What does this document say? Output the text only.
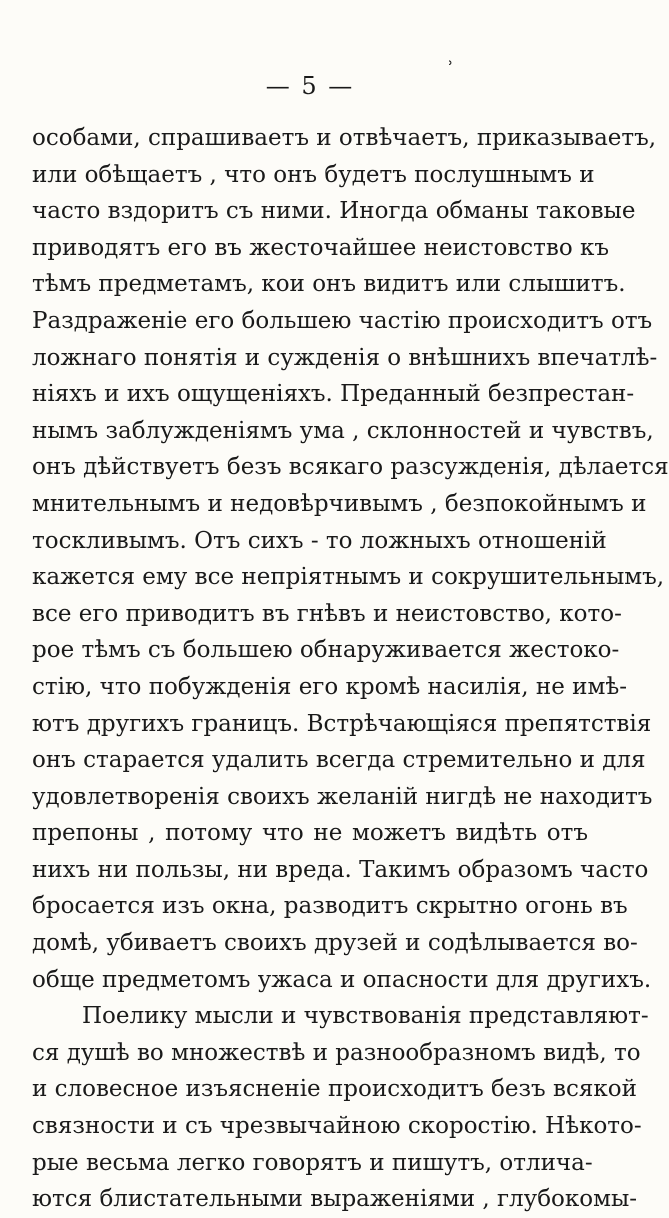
— 5 —
ʾ
особами, спрашиваетъ и отвѣчаетъ, приказываетъ,
или обѣщаетъ , что онъ будетъ послушнымъ и
часто вздоритъ съ ними. Иногда обманы таковые
приводятъ его въ жесточайшее неистовство къ
тѣмъ предметамъ, кои онъ видитъ или слышитъ.
Раздраженіе его большею частію происходитъ отъ
ложнаго понятія и сужденія о внѣшнихъ впечатлѣ-
ніяхъ и ихъ ощущеніяхъ. Преданный безпрестан-
нымъ заблужденіямъ ума , склонностей и чувствъ,
онъ дѣйствуетъ безъ всякаго разсужденія, дѣлается
мнительнымъ и недовѣрчивымъ , безпокойнымъ и
тоскливымъ. Отъ сихъ - то ложныхъ отношеній
кажется ему все непріятнымъ и сокрушительнымъ,
все его приводитъ въ гнѣвъ и неистовство, кото-
рое тѣмъ съ большею обнаруживается жестоко-
стію, что побужденія его кромѣ насилія, не имѣ-
ютъ другихъ границъ. Встрѣчающіяся препятствія
онъ старается удалить всегда стремительно и для
удовлетворенія своихъ желаній нигдѣ не находитъ
препоны , потому что не можетъ видѣть отъ
нихъ ни пользы, ни вреда. Такимъ образомъ часто
бросается изъ окна, разводитъ скрытно огонь въ
домѣ, убиваетъ своихъ друзей и содѣлывается во-
обще предметомъ ужаса и опасности для другихъ.
Поелику мысли и чувствованія представляют-
ся душѣ во множествѣ и разнообразномъ видѣ, то
и словесное изъясненіе происходитъ безъ всякой
связности и съ чрезвычайною скоростію. Нѣкото-
рые весьма легко говорятъ и пишутъ, отлича-
ются блистательными выраженіями , глубокомы-
